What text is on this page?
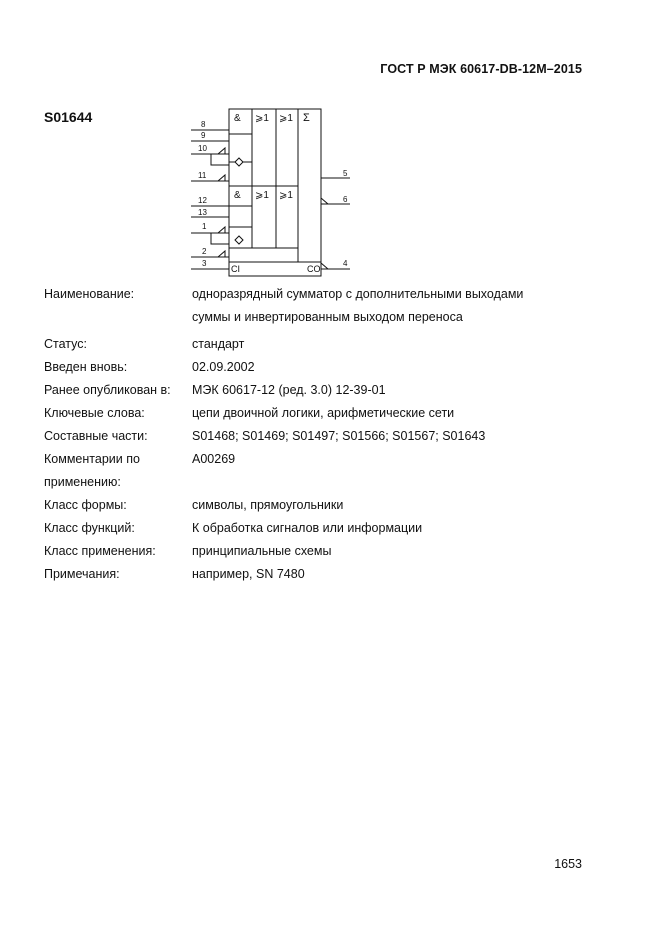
ГОСТ Р МЭК 60617-DB-12M–2015
S01644	& ⩾1 ⩾1 Σ
& ⩾1 ⩾1
CI	CO
8
9
10
11
12
13
1
2
3
5
6
4
Наименование:	одноразрядный сумматор с дополнительными выходами
суммы и инвертированным выходом переноса
Статус:	стандарт
Введен вновь:	02.09.2002
Ранее опубликован в:	МЭК 60617-12 (ред. 3.0) 12-39-01
Ключевые слова:	цепи двоичной логики, арифметические сети
Составные части:	S01468; S01469; S01497; S01566; S01567; S01643
Комментарии по	A00269
применению:
Класс формы:	символы, прямоугольники
Класс функций:	К обработка сигналов или информации
Класс применения:	принципиальные схемы
Примечания:	например, SN 7480
1653
